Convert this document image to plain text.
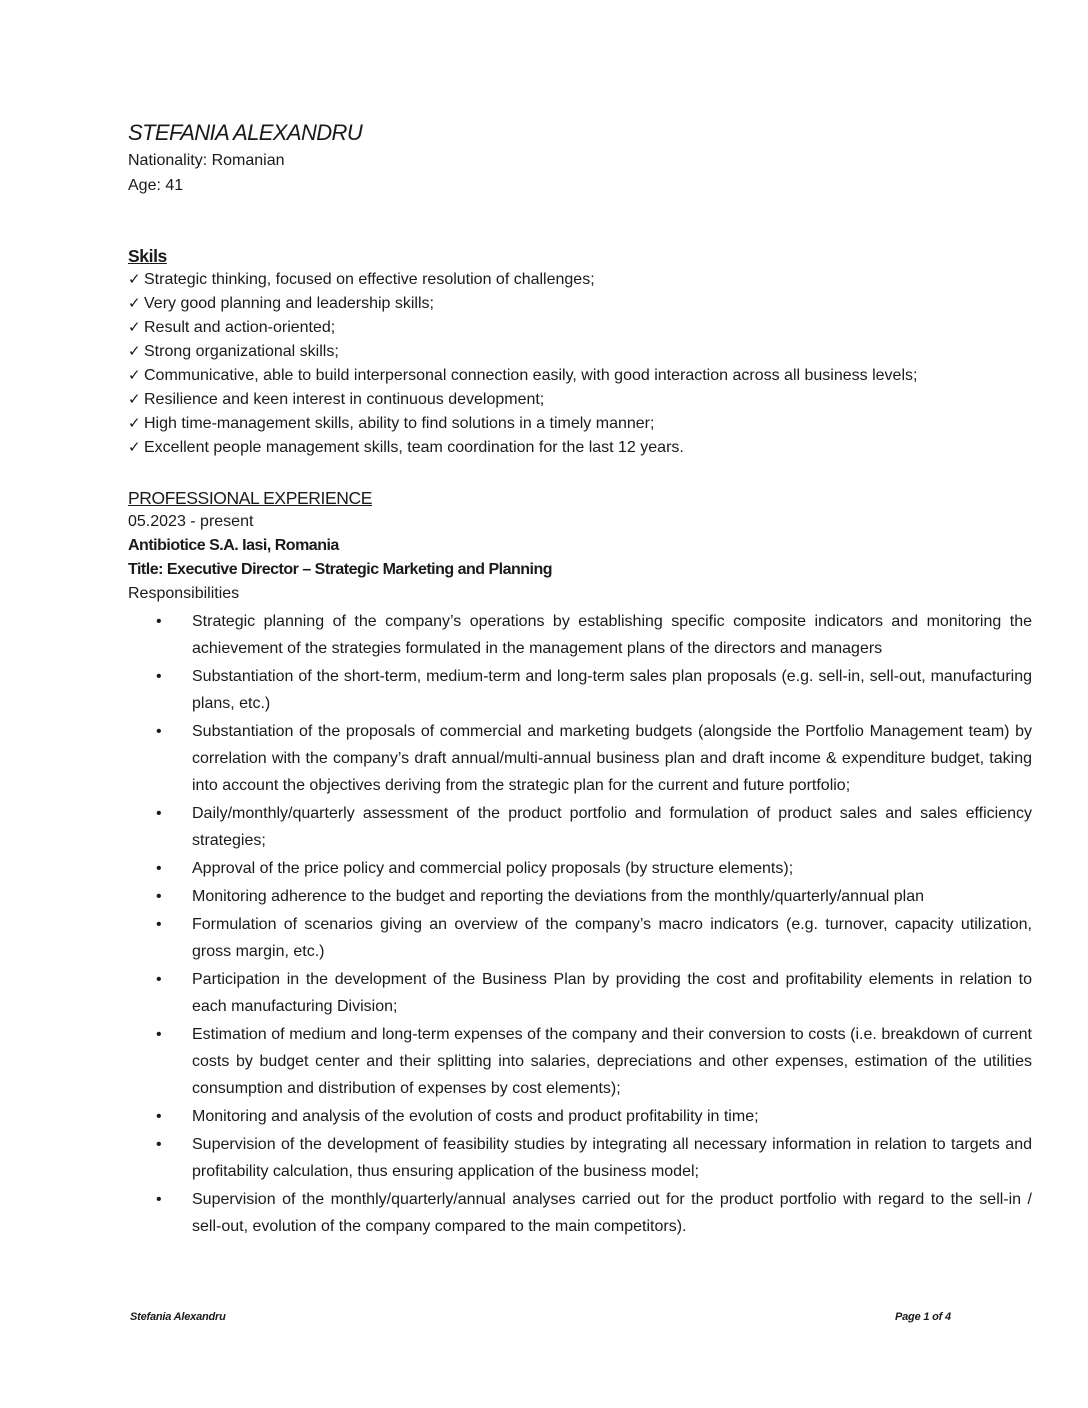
STEFANIA ALEXANDRU

Nationality: Romanian

Age: 41

Skils
✓ Strategic thinking, focused on effective resolution of challenges;
✓ Very good planning and leadership skills;
✓ Result and action-oriented;
✓ Strong organizational skills;
✓ Communicative, able to build interpersonal connection easily, with good interaction across all business levels;
✓ Resilience and keen interest in continuous development;
✓ High time-management skills, ability to find solutions in a timely manner;
✓ Excellent people management skills, team coordination for the last 12 years.
PROFESSIONAL EXPERIENCE

05.2023 - present

Antibiotice S.A. Iasi, Romania

Title: Executive Director – Strategic Marketing and Planning

Responsibilities

• Strategic planning of the company’s operations by establishing specific composite indicators and monitoring the achievement of the strategies formulated in the management plans of the directors and managers
• Substantiation of the short-term, medium-term and long-term sales plan proposals (e.g. sell-in, sell-out, manufacturing plans, etc.)
• Substantiation of the proposals of commercial and marketing budgets (alongside the Portfolio Management team) by correlation with the company’s draft annual/multi-annual business plan and draft income & expenditure budget, taking into account the objectives deriving from the strategic plan for the current and future portfolio;
• Daily/monthly/quarterly assessment of the product portfolio and formulation of product sales and sales efficiency strategies;
• Approval of the price policy and commercial policy proposals (by structure elements);
• Monitoring adherence to the budget and reporting the deviations from the monthly/quarterly/annual plan
• Formulation of scenarios giving an overview of the company’s macro indicators (e.g. turnover, capacity utilization, gross margin, etc.)
• Participation in the development of the Business Plan by providing the cost and profitability elements in relation to each manufacturing Division;
• Estimation of medium and long-term expenses of the company and their conversion to costs (i.e. breakdown of current costs by budget center and their splitting into salaries, depreciations and other expenses, estimation of the utilities consumption and distribution of expenses by cost elements);
• Monitoring and analysis of the evolution of costs and product profitability in time;
• Supervision of the development of feasibility studies by integrating all necessary information in relation to targets and profitability calculation, thus ensuring application of the business model;
• Supervision of the monthly/quarterly/annual analyses carried out for the product portfolio with regard to the sell-in / sell-out, evolution of the company compared to the main competitors).
Stefania Alexandru	Page 1 of 4
